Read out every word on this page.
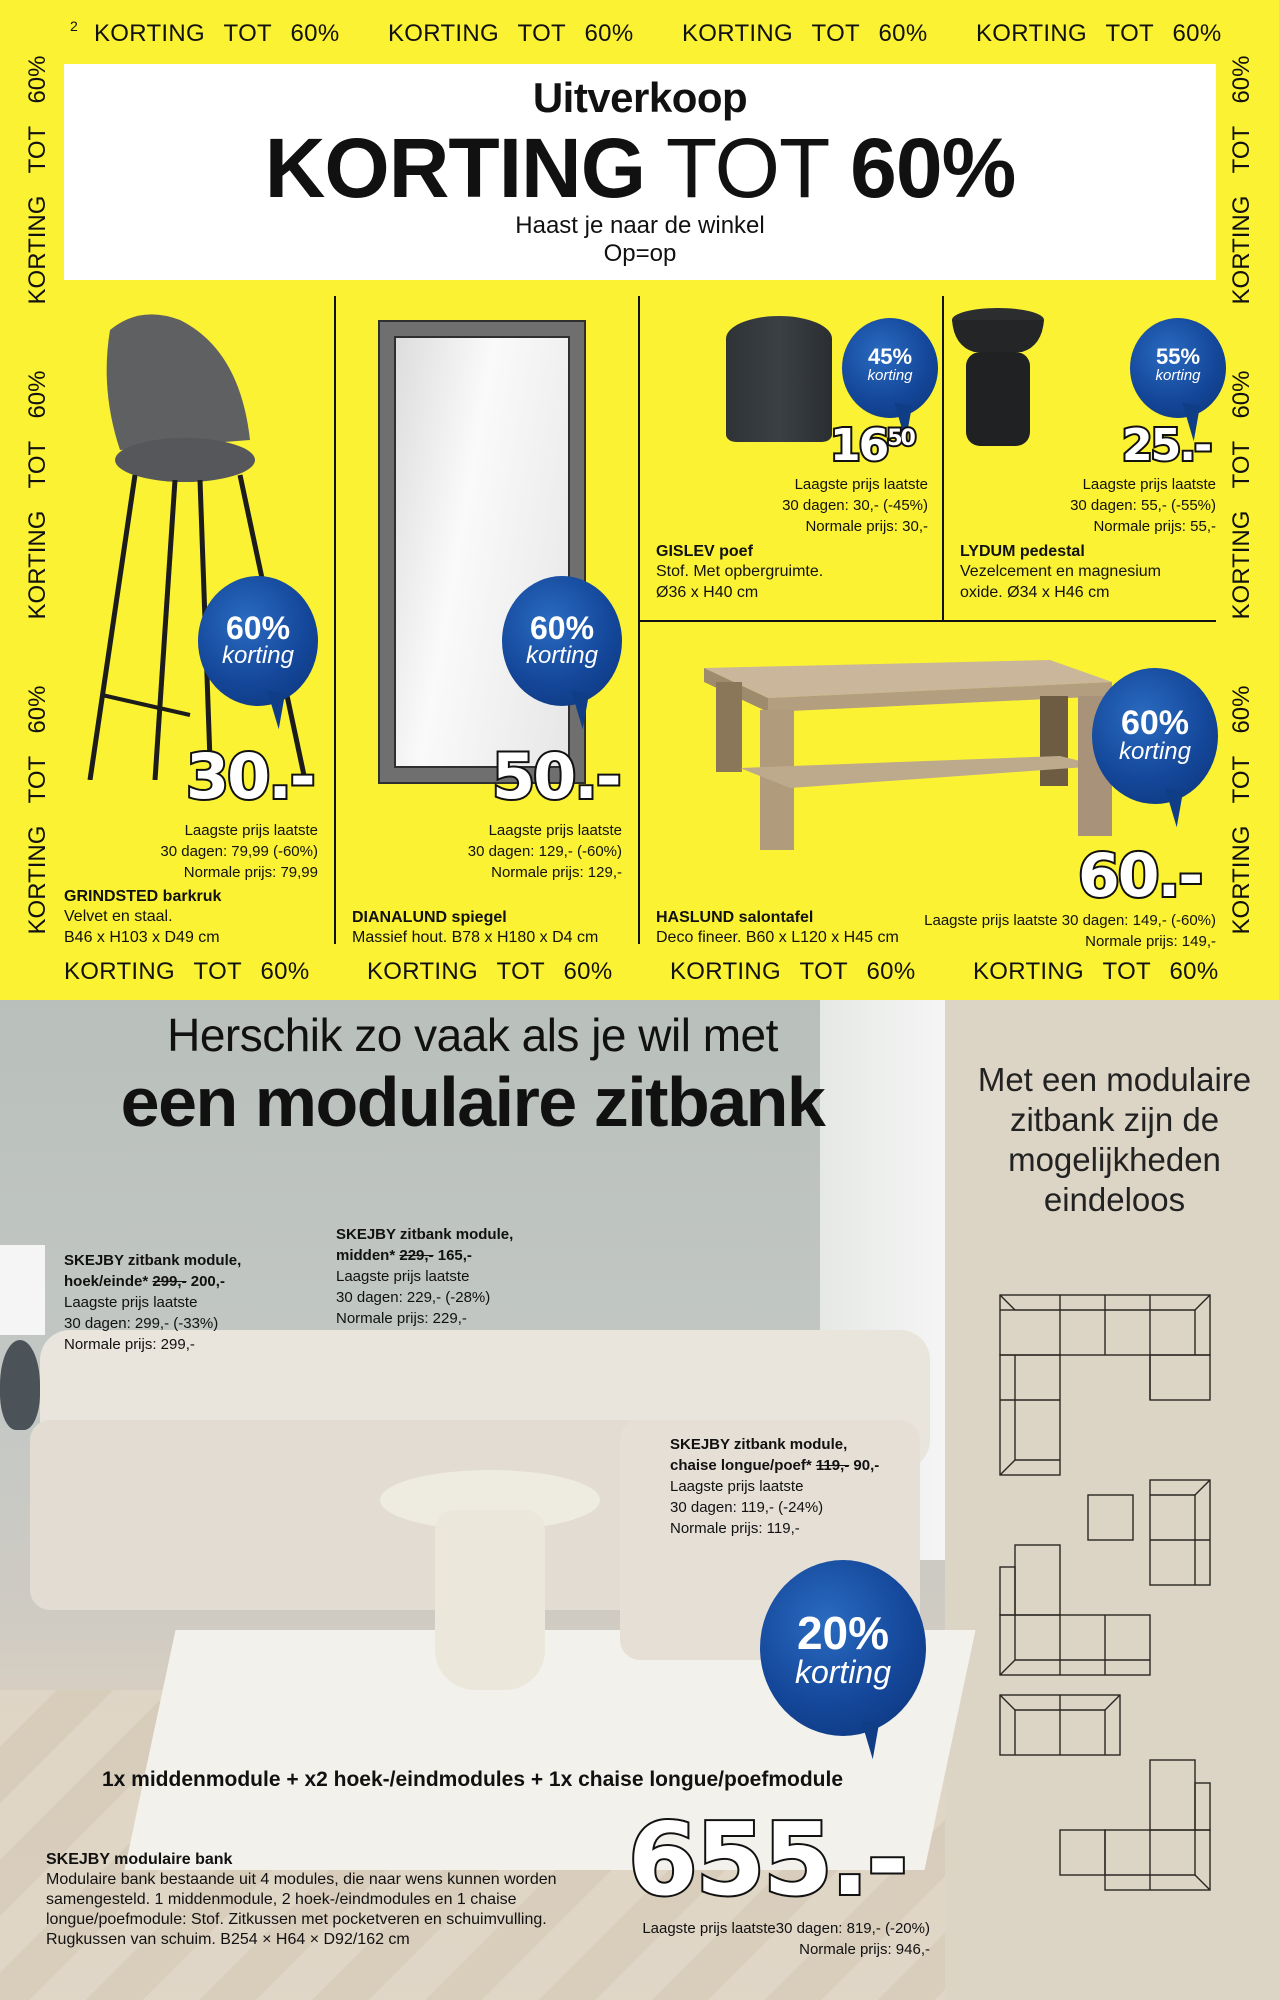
2 KORTING TOT 60% KORTING TOT 60% KORTING TOT 60% KORTING TOT 60%
KORTING TOT 60%
KORTING TOT 60%
KORTING TOT 60%
KORTING TOT 60%
KORTING TOT 60%
KORTING TOT 60%
Uitverkoop
KORTING TOT 60%
Haast je naar de winkel
Op=op
60%
korting
30.-
Laagste prijs laatste
30 dagen: 79,99 (-60%)
Normale prijs: 79,99
GRINDSTED barkruk
Velvet en staal.
B46 x H103 x D49 cm
60%
korting
50.-
Laagste prijs laatste
30 dagen: 129,- (-60%)
Normale prijs: 129,-
DIANALUND spiegel
Massief hout. B78 x H180 x D4 cm
45%
korting
$16^{50}$
Laagste prijs laatste
30 dagen: 30,- (-45%)
Normale prijs: 30,-
GISLEV poef
Stof. Met opbergruimte.
Ø36 x H40 cm
55%
korting
25.-
Laagste prijs laatste
30 dagen: 55,- (-55%)
Normale prijs: 55,-
LYDUM pedestal
Vezelcement en magnesium
oxide. Ø34 x H46 cm
60%
korting
60.-
Laagste prijs laatste 30 dagen: 149,- (-60%)
Normale prijs: 149,-
HASLUND salontafel
Deco fineer. B60 x L120 x H45 cm
KORTING TOT 60% KORTING TOT 60% KORTING TOT 60% KORTING TOT 60%
Herschik zo vaak als je wil met
een modulaire zitbank	Met een modulaire zitbank zijn de mogelijkheden eindeloos
SKEJBY zitbank module,
hoek/einde* 299,- 200,-
Laagste prijs laatste
30 dagen: 299,- (-33%)
Normale prijs: 299,-
SKEJBY zitbank module,
midden* 229,- 165,-
Laagste prijs laatste
30 dagen: 229,- (-28%)
Normale prijs: 229,-
SKEJBY zitbank module,
chaise longue/poef* 119,- 90,-
Laagste prijs laatste
30 dagen: 119,- (-24%)
Normale prijs: 119,-
20%
korting
1x middenmodule + x2 hoek-/eindmodules + 1x chaise longue/poefmodule
SKEJBY modulaire bank
Modulaire bank bestaande uit 4 modules, die naar wens kunnen worden samengesteld. 1 middenmodule, 2 hoek-/eindmodules en 1 chaise longue/poefmodule: Stof. Zitkussen met pocketveren en schuimvulling. Rugkussen van schuim. B254 × H64 × D92/162 cm
655.-
Laagste prijs laatste30 dagen: 819,- (-20%)
Normale prijs: 946,-
